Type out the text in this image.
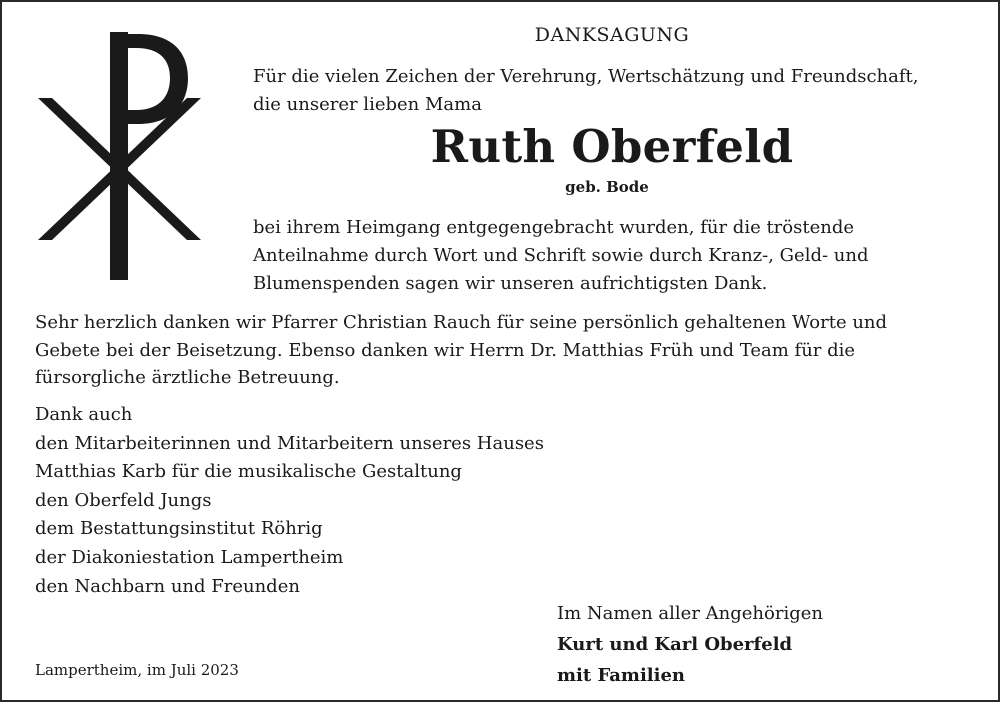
DANKSAGUNG
Für die vielen Zeichen der Verehrung, Wertschätzung und Freundschaft,
die unserer lieben Mama
Ruth Oberfeld
geb. Bode
bei ihrem Heimgang entgegengebracht wurden, für die tröstende
Anteilnahme durch Wort und Schrift sowie durch Kranz-, Geld- und
Blumenspenden sagen wir unseren aufrichtigsten Dank.
Sehr herzlich danken wir Pfarrer Christian Rauch für seine persönlich gehaltenen Worte und
Gebete bei der Beisetzung. Ebenso danken wir Herrn Dr. Matthias Früh und Team für die
fürsorgliche ärztliche Betreuung.
Dank auch
den Mitarbeiterinnen und Mitarbeitern unseres Hauses
Matthias Karb für die musikalische Gestaltung
den Oberfeld Jungs
dem Bestattungsinstitut Röhrig
der Diakoniestation Lampertheim
den Nachbarn und Freunden
Im Namen aller Angehörigen
Kurt und Karl Oberfeld
mit Familien
Lampertheim, im Juli 2023
